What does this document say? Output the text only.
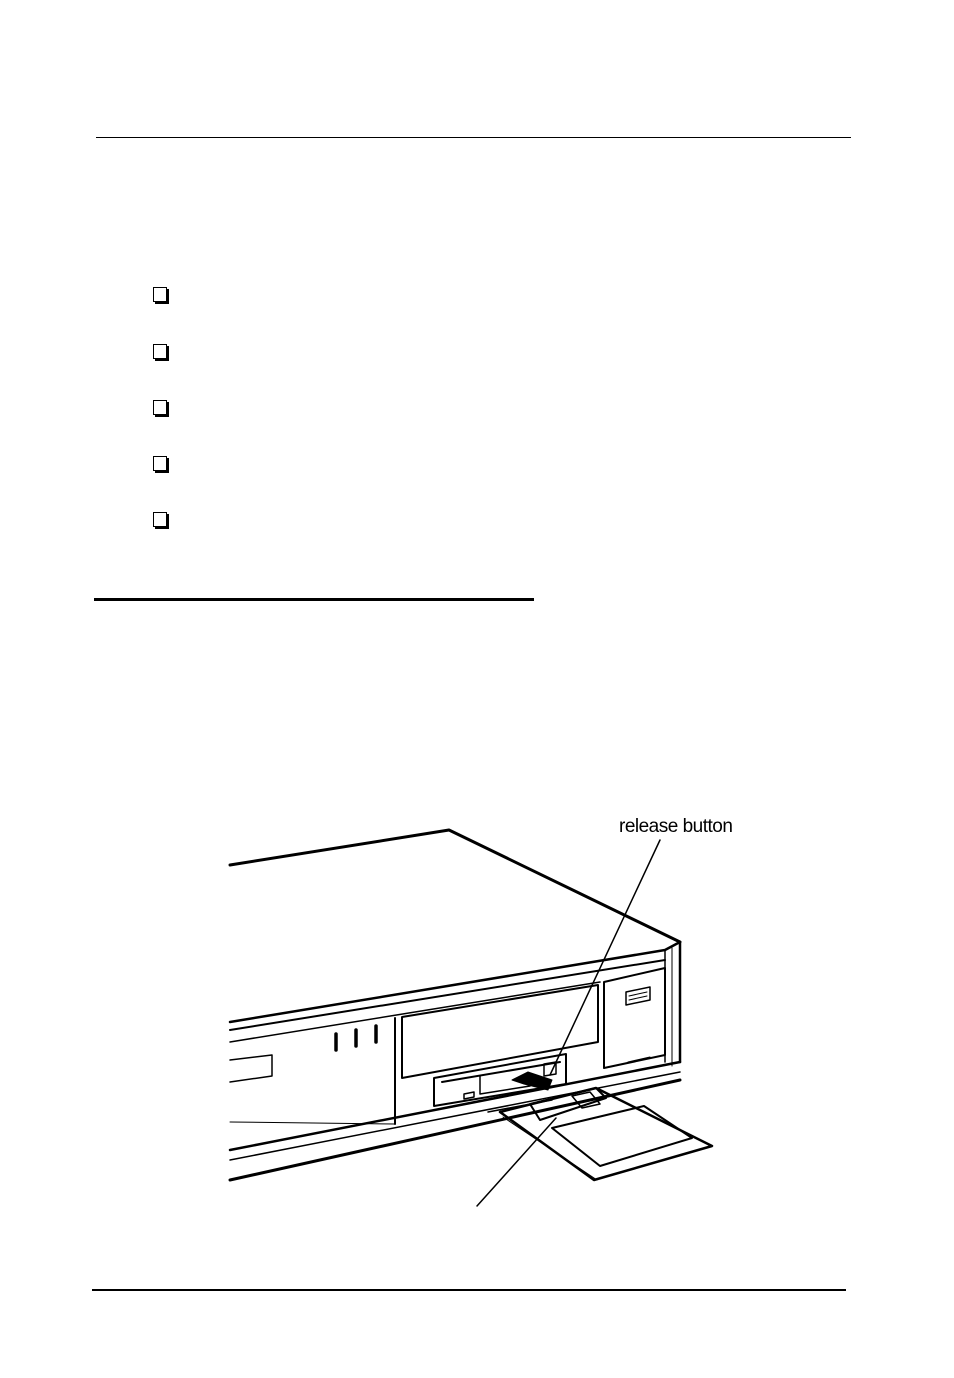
release button
